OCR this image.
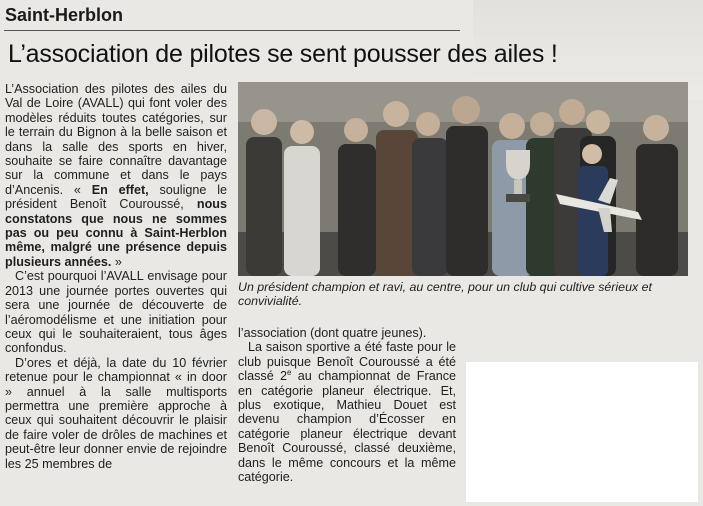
Saint-Herblon
L’association de pilotes se sent pousser des ailes !

L’Association des pilotes des ailes du Val de Loire (AVALL) qui font voler des modèles réduits toutes catégories, sur le terrain du Bignon à la belle saison et dans la salle des sports en hiver, souhaite se faire connaître davantage sur la commune et dans le pays d’Ancenis. « En effet, souligne le président Benoît Couroussé, nous constatons que nous ne sommes pas ou peu connu à Saint-Herblon même, malgré une présence depuis plusieurs années. »

C’est pourquoi l’AVALL envisage pour 2013 une journée portes ouvertes qui sera une journée de découverte de l’aéromodélisme et une initiation pour ceux qui le souhaiteraient, tous âges confondus.

D’ores et déjà, la date du 10 février retenue pour le championnat « in door » annuel à la salle multisports permettra une première approche à ceux qui souhaitent découvrir le plaisir de faire voler de drôles de machines et peut-être leur donner envie de rejoindre les 25 membres de

Un président champion et ravi, au centre, pour un club qui cultive sérieux et convivialité.

l’association (dont quatre jeunes).

La saison sportive a été faste pour le club puisque Benoît Couroussé a été classé 2e au championnat de France en catégorie planeur électrique. Et, plus exotique, Mathieu Douet est devenu champion d’Écosser en catégorie planeur électrique devant Benoît Couroussé, classé deuxième, dans le même concours et la même catégorie.
